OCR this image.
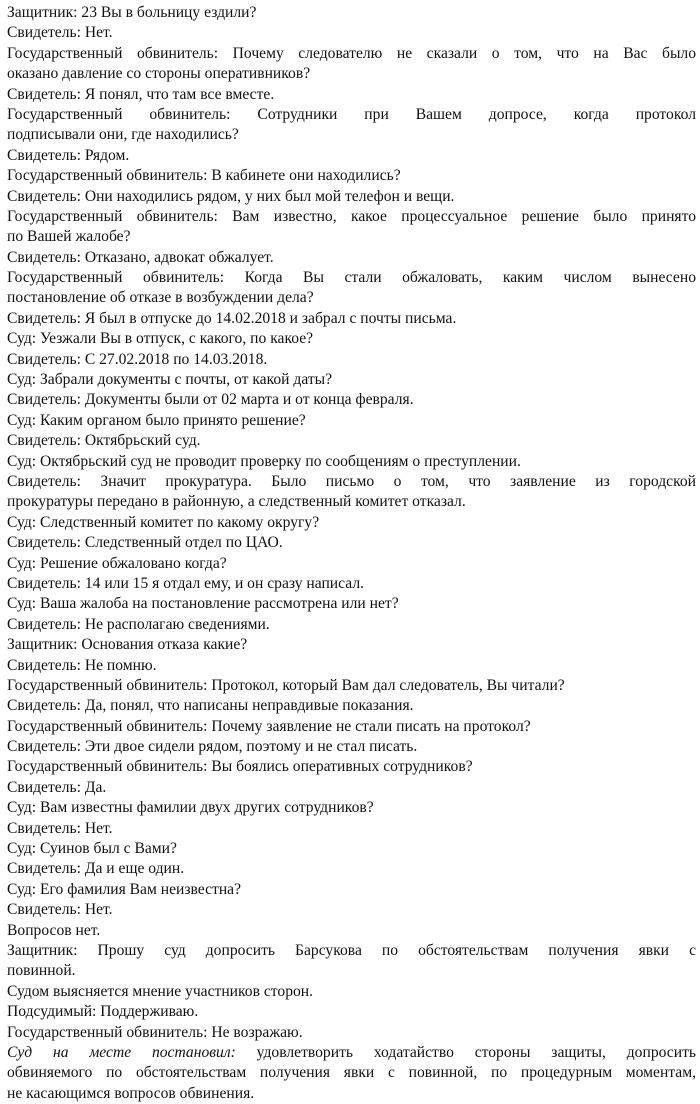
Защитник: 23 Вы в больницу ездили?
Свидетель: Нет.
Государственный обвинитель: Почему следователю не сказали о том, что на Вас было
оказано давление со стороны оперативников?
Свидетель: Я понял, что там все вместе.
Государственный обвинитель: Сотрудники при Вашем допросе, когда протокол
подписывали они, где находились?
Свидетель: Рядом.
Государственный обвинитель: В кабинете они находились?
Свидетель: Они находились рядом, у них был мой телефон и вещи.
Государственный обвинитель: Вам известно, какое процессуальное решение было принято
по Вашей жалобе?
Свидетель: Отказано, адвокат обжалует.
Государственный обвинитель: Когда Вы стали обжаловать, каким числом вынесено
постановление об отказе в возбуждении дела?
Свидетель: Я был в отпуске до 14.02.2018 и забрал с почты письма.
Суд: Уезжали Вы в отпуск, с какого, по какое?
Свидетель: С 27.02.2018 по 14.03.2018.
Суд: Забрали документы с почты, от какой даты?
Свидетель: Документы были от 02 марта и от конца февраля.
Суд: Каким органом было принято решение?
Свидетель: Октябрьский суд.
Суд: Октябрьский суд не проводит проверку по сообщениям о преступлении.
Свидетель: Значит прокуратура. Было письмо о том, что заявление из городской
прокуратуры передано в районную, а следственный комитет отказал.
Суд: Следственный комитет по какому округу?
Свидетель: Следственный отдел по ЦАО.
Суд: Решение обжаловано когда?
Свидетель: 14 или 15 я отдал ему, и он сразу написал.
Суд: Ваша жалоба на постановление рассмотрена или нет?
Свидетель: Не располагаю сведениями.
Защитник: Основания отказа какие?
Свидетель: Не помню.
Государственный обвинитель: Протокол, который Вам дал следователь, Вы читали?
Свидетель: Да, понял, что написаны неправдивые показания.
Государственный обвинитель: Почему заявление не стали писать на протокол?
Свидетель: Эти двое сидели рядом, поэтому и не стал писать.
Государственный обвинитель: Вы боялись оперативных сотрудников?
Свидетель: Да.
Суд: Вам известны фамилии двух других сотрудников?
Свидетель: Нет.
Суд: Суинов был с Вами?
Свидетель: Да и еще один.
Суд: Его фамилия Вам неизвестна?
Свидетель: Нет.
Вопросов нет.
Защитник: Прошу суд допросить Барсукова по обстоятельствам получения явки с
повинной.
Судом выясняется мнение участников сторон.
Подсудимый: Поддерживаю.
Государственный обвинитель: Не возражаю.
Суд на месте постановил: удовлетворить ходатайство стороны защиты, допросить
обвиняемого по обстоятельствам получения явки с повинной, по процедурным моментам,
не касающимся вопросов обвинения.
